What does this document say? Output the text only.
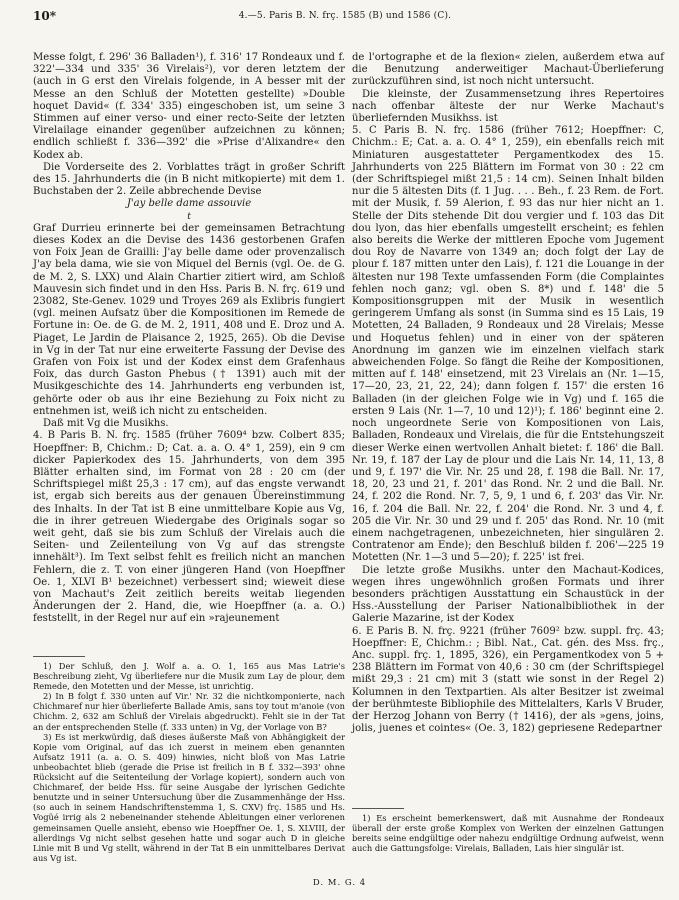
10*	4.—5. Paris B. N. frç. 1585 (B) und 1586 (C).

Messe folgt, f. 296' 36 Balladen¹), f. 316' 17 Rondeaux und f. 322'—334 und 335' 36 Virelais²), vor deren letztem der (auch in G erst den Virelais folgende, in A besser mit der Messe an den Schluß der Motetten gestellte) »Double hoquet David« (f. 334' 335) eingeschoben ist, um seine 3 Stimmen auf einer verso- und einer recto-Seite der letzten Virelailage einander gegenüber aufzeichnen zu können; endlich schließt f. 336—392' die »Prise d'Alixandre« den Kodex ab.

Die Vorderseite des 2. Vorblattes trägt in großer Schrift des 15. Jahrhunderts die (in B nicht mitkopierte) mit dem 1. Buchstaben der 2. Zeile abbrechende Devise

J'ay belle dame assouvie

t

Graf Durrieu erinnerte bei der gemeinsamen Betrachtung dieses Kodex an die Devise des 1436 gestorbenen Grafen von Foix Jean de Grailli: J'ay belle dame oder provenzalisch J'ay bela dama, wie sie von Miquel del Bernis (vgl. Oe. de G. de M. 2, S. LXX) und Alain Chartier zitiert wird, am Schloß Mauvesin sich findet und in den Hss. Paris B. N. frç. 619 und 23082, Ste-Genev. 1029 und Troyes 269 als Exlibris fungiert (vgl. meinen Aufsatz über die Kompositionen im Remede de Fortune in: Oe. de G. de M. 2, 1911, 408 und E. Droz und A. Piaget, Le Jardin de Plaisance 2, 1925, 265). Ob die Devise in Vg in der Tat nur eine erweiterte Fassung der Devise des Grafen von Foix ist und der Kodex einst dem Grafenhaus Foix, das durch Gaston Phebus († 1391) auch mit der Musikgeschichte des 14. Jahrhunderts eng verbunden ist, gehörte oder ob aus ihr eine Beziehung zu Foix nicht zu entnehmen ist, weiß ich nicht zu entscheiden.

Daß mit Vg die Musikhs.

4. B Paris B. N. frç. 1585 (früher 7609⁴ bzw. Colbert 835; Hoepffner: B, Chichm.: D; Cat. a. a. O. 4° 1, 259), ein 9 cm dicker Papierkodex des 15. Jahrhunderts, von dem 395 Blätter erhalten sind, im Format von 28 : 20 cm (der Schriftspiegel mißt 25,3 : 17 cm), auf das engste verwandt ist, ergab sich bereits aus der genauen Übereinstimmung des Inhalts. In der Tat ist B eine unmittelbare Kopie aus Vg, die in ihrer getreuen Wiedergabe des Originals sogar so weit geht, daß sie bis zum Schluß der Virelais auch die Seiten- und Zeilenteilung von Vg auf das strengste innehält³). Im Text selbst fehlt es freilich nicht an manchen Fehlern, die z. T. von einer jüngeren Hand (von Hoepffner Oe. 1, XLVI B¹ bezeichnet) verbessert sind; wieweit diese von Machaut's Zeit zeitlich bereits weitab liegenden Änderungen der 2. Hand, die, wie Hoepffner (a. a. O.) feststellt, in der Regel nur auf ein »rajeunement

1) Der Schluß, den J. Wolf a. a. O. 1, 165 aus Mas Latrie's Beschreibung zieht, Vg überliefere nur die Musik zum Lay de plour, dem Remede, den Motetten und der Messe, ist unrichtig.

2) In B folgt f. 330 unten auf Vir.' Nr. 32 die nichtkomponierte, nach Chichmaref nur hier überlieferte Ballade Amis, sans toy tout m'anoie (von Chichm. 2, 632 am Schluß der Virelais abgedruckt). Fehlt sie in der Tat an der entsprechenden Stelle (f. 333 unten) in Vg, der Vorlage von B?

3) Es ist merkwürdig, daß dieses äußerste Maß von Abhängigkeit der Kopie vom Original, auf das ich zuerst in meinem eben genannten Aufsatz 1911 (a. a. O. S. 409) hinwies, nicht bloß von Mas Latrie unbeobachtet blieb (gerade die Prise ist freilich in B f. 332—393' ohne Rücksicht auf die Seitenteilung der Vorlage kopiert), sondern auch von Chichmaref, der beide Hss. für seine Ausgabe der lyrischen Gedichte benutzte und in seiner Untersuchung über die Zusammenhänge der Hss. (so auch in seinem Handschriftenstemma 1, S. CXV) frç. 1585 und Hs. Vogüé irrig als 2 nebeneinander stehende Ableitungen einer verlorenen gemeinsamen Quelle ansieht, ebenso wie Hoepffner Oe. 1, S. XLVIII, der allerdings Vg nicht selbst gesehen hatte und sogar auch D in gleiche Linie mit B und Vg stellt, während in der Tat B ein unmittelbares Derivat aus Vg ist.

de l'ortographe et de la flexion« zielen, außerdem etwa auf die Benutzung anderweitiger Machaut-Überlieferung zurückzuführen sind, ist noch nicht untersucht.

Die kleinste, der Zusammensetzung ihres Repertoires nach offenbar älteste der nur Werke Machaut's überliefernden Musikhss. ist

5. C Paris B. N. frç. 1586 (früher 7612; Hoepffner: C, Chichm.: E; Cat. a. a. O. 4° 1, 259), ein ebenfalls reich mit Miniaturen ausgestatteter Pergamentkodex des 15. Jahrhunderts von 225 Blättern im Format von 30 : 22 cm (der Schriftspiegel mißt 21,5 : 14 cm). Seinen Inhalt bilden nur die 5 ältesten Dits (f. 1 Jug. . . . Beh., f. 23 Rem. de Fort. mit der Musik, f. 59 Alerion, f. 93 das nur hier nicht an 1. Stelle der Dits stehende Dit dou vergier und f. 103 das Dit dou lyon, das hier ebenfalls umgestellt erscheint; es fehlen also bereits die Werke der mittleren Epoche vom Jugement dou Roy de Navarre von 1349 an; doch folgt der Lay de plour f. 187 mitten unter den Lais), f. 121 die Louange in der ältesten nur 198 Texte umfassenden Form (die Complaintes fehlen noch ganz; vgl. oben S. 8*) und f. 148' die 5 Kompositionsgruppen mit der Musik in wesentlich geringerem Umfang als sonst (in Summa sind es 15 Lais, 19 Motetten, 24 Balladen, 9 Rondeaux und 28 Virelais; Messe und Hoquetus fehlen) und in einer von der späteren Anordnung im ganzen wie im einzelnen vielfach stark abweichenden Folge. So fängt die Reihe der Kompositionen, mitten auf f. 148' einsetzend, mit 23 Virelais an (Nr. 1—15, 17—20, 23, 21, 22, 24); dann folgen f. 157' die ersten 16 Balladen (in der gleichen Folge wie in Vg) und f. 165 die ersten 9 Lais (Nr. 1—7, 10 und 12)¹); f. 186' beginnt eine 2. noch ungeordnete Serie von Kompositionen von Lais, Balladen, Rondeaux und Virelais, die für die Entstehungszeit dieser Werke einen wertvollen Anhalt bietet: f. 186' die Ball. Nr. 19, f. 187 der Lay de plour und die Lais Nr. 14, 11, 13, 8 und 9, f. 197' die Vir. Nr. 25 und 28, f. 198 die Ball. Nr. 17, 18, 20, 23 und 21, f. 201' das Rond. Nr. 2 und die Ball. Nr. 24, f. 202 die Rond. Nr. 7, 5, 9, 1 und 6, f. 203' das Vir. Nr. 16, f. 204 die Ball. Nr. 22, f. 204' die Rond. Nr. 3 und 4, f. 205 die Vir. Nr. 30 und 29 und f. 205' das Rond. Nr. 10 (mit einem nachgetragenen, unbezeichneten, hier singulären 2. Contratenor am Ende); den Beschluß bilden f. 206'—225 19 Motetten (Nr. 1—3 und 5—20); f. 225' ist frei.

Die letzte große Musikhs. unter den Machaut-Kodices, wegen ihres ungewöhnlich großen Formats und ihrer besonders prächtigen Ausstattung ein Schaustück in der Hss.-Ausstellung der Pariser Nationalbibliothek in der Galerie Mazarine, ist der Kodex

6. E Paris B. N. frç. 9221 (früher 7609² bzw. suppl. frç. 43; Hoepffner: E, Chichm.: ; Bibl. Nat., Cat. gén. des Mss. frç., Anc. suppl. frç. 1, 1895, 326), ein Pergamentkodex von 5 + 238 Blättern im Format von 40,6 : 30 cm (der Schriftspiegel mißt 29,3 : 21 cm) mit 3 (statt wie sonst in der Regel 2) Kolumnen in den Textpartien. Als alter Besitzer ist zweimal der berühmteste Bibliophile des Mittelalters, Karls V Bruder, der Herzog Johann von Berry († 1416), der als »gens, joins, jolis, juenes et cointes« (Oe. 3, 182) gepriesene Redepartner

1) Es erscheint bemerkenswert, daß mit Ausnahme der Rondeaux überall der erste große Komplex von Werken der einzelnen Gattungen bereits seine endgültige oder nahezu endgültige Ordnung aufweist, wenn auch die Gattungsfolge: Virelais, Balladen, Lais hier singulär ist.

D. M. G. 4
